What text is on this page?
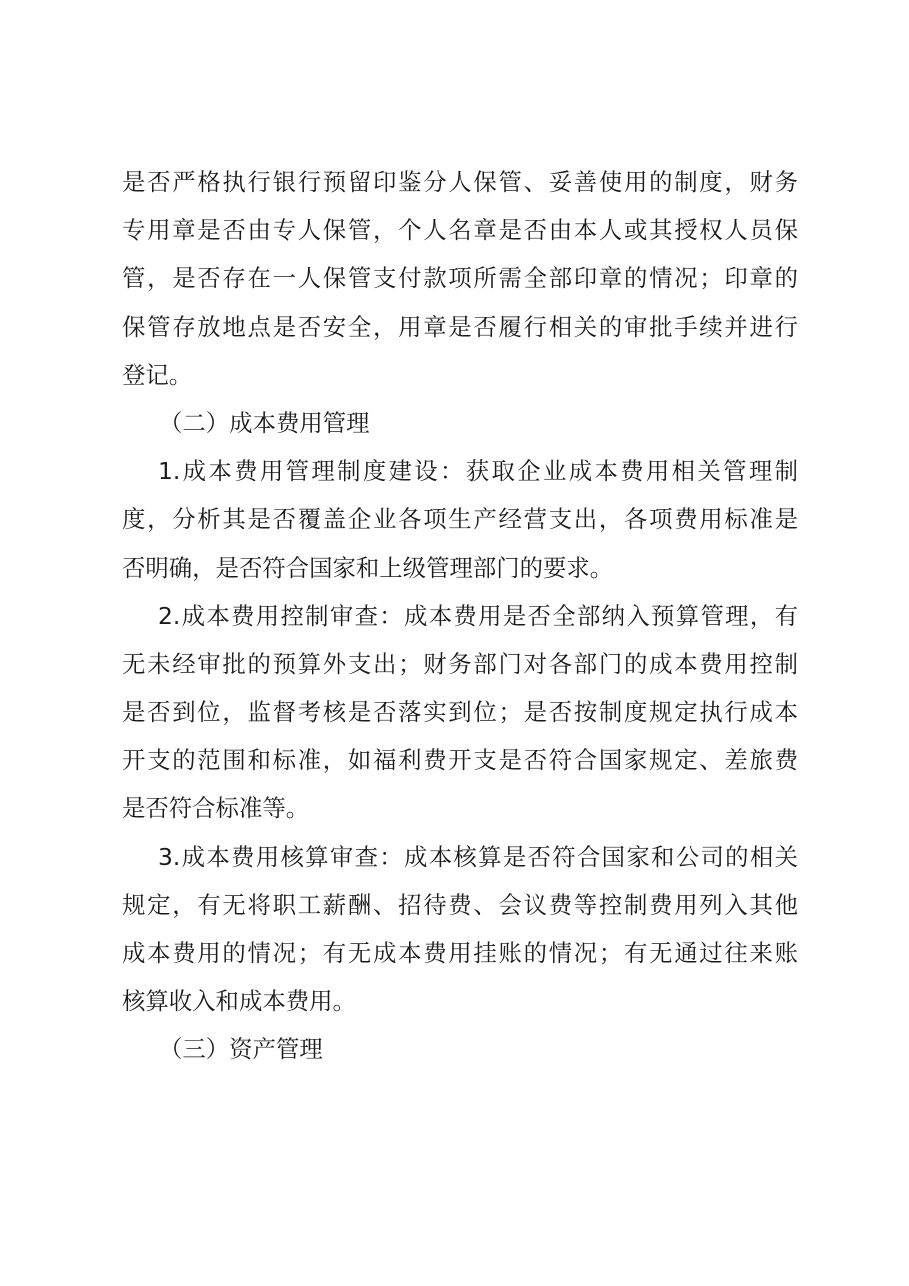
是否严格执行银行预留印鉴分人保管、妥善使用的制度，财务
专用章是否由专人保管，个人名章是否由本人或其授权人员保
管，是否存在一人保管支付款项所需全部印章的情况；印章的
保管存放地点是否安全，用章是否履行相关的审批手续并进行
登记。
（二）成本费用管理
1.成本费用管理制度建设：获取企业成本费用相关管理制
度，分析其是否覆盖企业各项生产经营支出，各项费用标准是
否明确，是否符合国家和上级管理部门的要求。
2.成本费用控制审查：成本费用是否全部纳入预算管理，有
无未经审批的预算外支出；财务部门对各部门的成本费用控制
是否到位，监督考核是否落实到位；是否按制度规定执行成本
开支的范围和标准，如福利费开支是否符合国家规定、差旅费
是否符合标准等。
3.成本费用核算审查：成本核算是否符合国家和公司的相关
规定，有无将职工薪酬、招待费、会议费等控制费用列入其他
成本费用的情况；有无成本费用挂账的情况；有无通过往来账
核算收入和成本费用。
（三）资产管理
